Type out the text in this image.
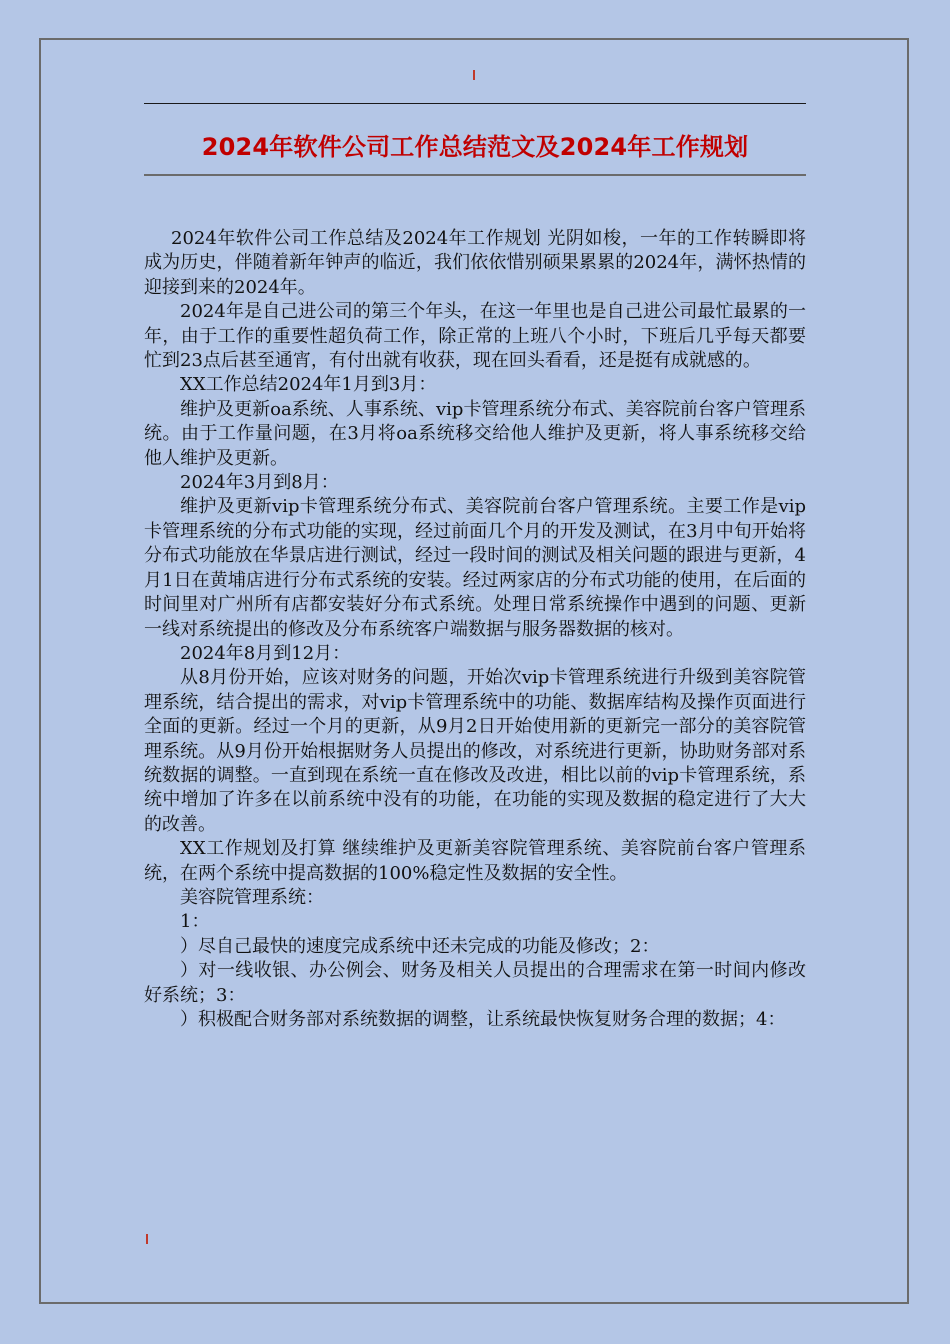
2024年软件公司工作总结范文及2024年工作规划

2024年软件公司工作总结及2024年工作规划 光阴如梭，一年的工作转瞬即将成为历史，伴随着新年钟声的临近，我们依依惜别硕果累累的2024年，满怀热情的迎接到来的2024年。

2024年是自己进公司的第三个年头，在这一年里也是自己进公司最忙最累的一年，由于工作的重要性超负荷工作，除正常的上班八个小时，下班后几乎每天都要忙到23点后甚至通宵，有付出就有收获，现在回头看看，还是挺有成就感的。

XX工作总结2024年1月到3月：

维护及更新oa系统、人事系统、vip卡管理系统分布式、美容院前台客户管理系统。由于工作量问题，在3月将oa系统移交给他人维护及更新，将人事系统移交给他人维护及更新。

2024年3月到8月：

维护及更新vip卡管理系统分布式、美容院前台客户管理系统。主要工作是vip卡管理系统的分布式功能的实现，经过前面几个月的开发及测试，在3月中旬开始将分布式功能放在华景店进行测试，经过一段时间的测试及相关问题的跟进与更新，4月1日在黄埔店进行分布式系统的安装。经过两家店的分布式功能的使用，在后面的时间里对广州所有店都安装好分布式系统。处理日常系统操作中遇到的问题、更新一线对系统提出的修改及分布系统客户端数据与服务器数据的核对。

2024年8月到12月：

从8月份开始，应该对财务的问题，开始次vip卡管理系统进行升级到美容院管理系统，结合提出的需求，对vip卡管理系统中的功能、数据库结构及操作页面进行全面的更新。经过一个月的更新，从9月2日开始使用新的更新完一部分的美容院管理系统。从9月份开始根据财务人员提出的修改，对系统进行更新，协助财务部对系统数据的调整。一直到现在系统一直在修改及改进，相比以前的vip卡管理系统，系统中增加了许多在以前系统中没有的功能，在功能的实现及数据的稳定进行了大大的改善。

XX工作规划及打算 继续维护及更新美容院管理系统、美容院前台客户管理系统，在两个系统中提高数据的100%稳定性及数据的安全性。

美容院管理系统：

1：

）尽自己最快的速度完成系统中还未完成的功能及修改；2：

）对一线收银、办公例会、财务及相关人员提出的合理需求在第一时间内修改好系统；3：

）积极配合财务部对系统数据的调整，让系统最快恢复财务合理的数据；4：
